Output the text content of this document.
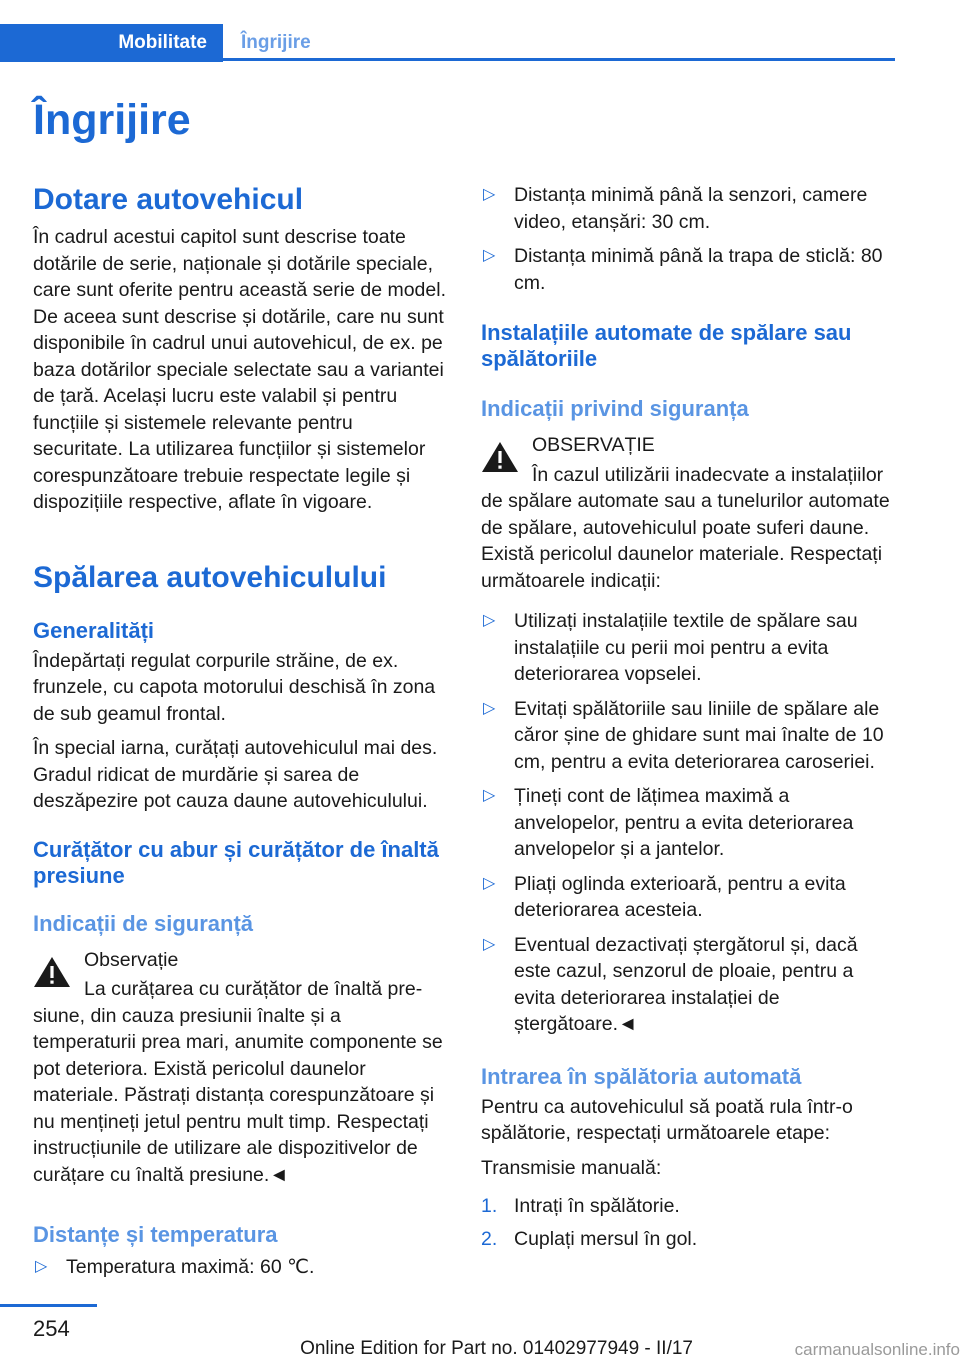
Mobilitate	Îngrijire
Îngrijire
Dotare autovehicul

În cadrul acestui capitol sunt descrise toate dotările de serie, naționale și dotările speciale, care sunt oferite pentru această serie de model. De aceea sunt descrise și dotările, care nu sunt disponibile în cadrul unui autovehicul, de ex. pe baza dotărilor speciale selectate sau a variantei de țară. Același lucru este valabil și pentru funcțiile și sistemele relevante pentru securitate. La utilizarea funcțiilor și sistemelor corespunzătoare trebuie respectate legile și dispozițiile respective, aflate în vigoare.

Spălarea autovehiculului
Generalități

Îndepărtați regulat corpurile străine, de ex. frunzele, cu capota motorului deschisă în zona de sub geamul frontal.

În special iarna, curățați autovehiculul mai des. Gradul ridicat de murdărie și sarea de deszăpezire pot cauza daune autovehiculului.

Curățător cu abur și curățător de înaltă presiune
Indicații de siguranță
Observație
La curățarea cu curățător de înaltă pre-

siune, din cauza presiunii înalte și a temperaturii prea mari, anumite componente se pot deteriora. Există pericolul daunelor materiale. Păstrați distanța corespunzătoare și nu mențineți jetul pentru mult timp. Respectați instrucțiunile de utilizare ale dispozitivelor de curățare cu înaltă presiune.◄

Distanțe și temperatura
▷ Temperatura maximă: 60 ℃.
▷ Distanța minimă până la senzori, camere video, etanșări: 30 cm.
▷ Distanța minimă până la trapa de sticlă: 80 cm.
Instalațiile automate de spălare sau spălătoriile
Indicații privind siguranța
OBSERVAȚIE
În cazul utilizării inadecvate a instalațiilor

de spălare automate sau a tunelurilor automate de spălare, autovehiculul poate suferi daune. Există pericolul daunelor materiale. Respectați următoarele indicații:

▷ Utilizați instalațiile textile de spălare sau instalațiile cu perii moi pentru a evita deteriorarea vopselei.
▷ Evitați spălătoriile sau liniile de spălare ale căror șine de ghidare sunt mai înalte de 10 cm, pentru a evita deteriorarea caroseriei.
▷ Țineți cont de lățimea maximă a anvelopelor, pentru a evita deteriorarea anvelopelor și a jantelor.
▷ Pliați oglinda exterioară, pentru a evita deteriorarea acesteia.
▷ Eventual dezactivați ștergătorul și, dacă este cazul, senzorul de ploaie, pentru a evita deteriorarea instalației de ștergătoare.◄
Intrarea în spălătoria automată

Pentru ca autovehiculul să poată rula într-o spălătorie, respectați următoarele etape:

Transmisie manuală:

1. Intrați în spălătorie.
2. Cuplați mersul în gol.
254
Online Edition for Part no. 01402977949 - II/17	carmanualsonline.info
